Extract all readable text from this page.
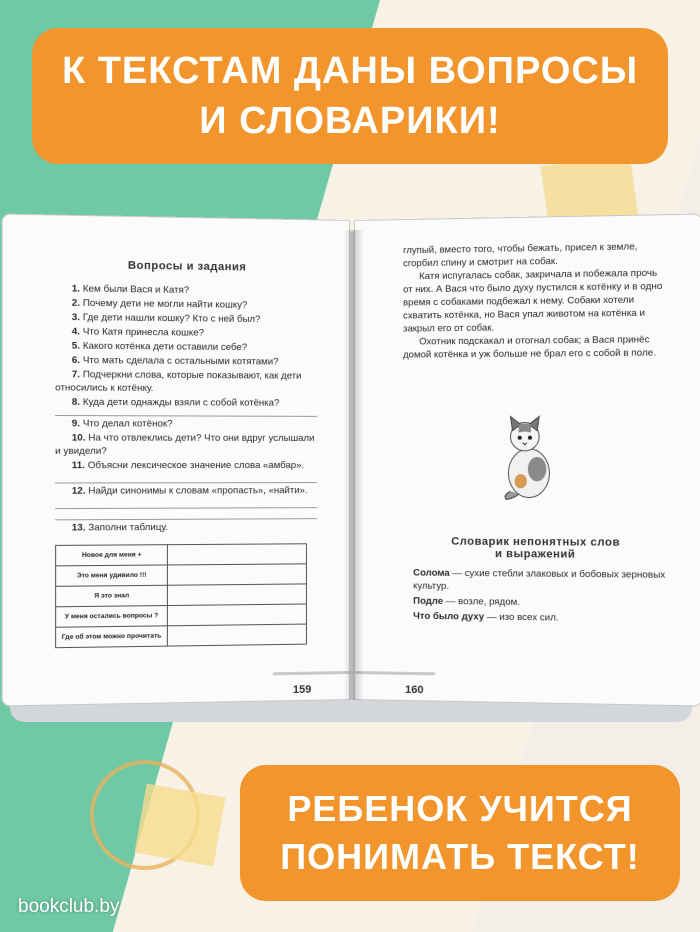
К ТЕКСТАМ ДАНЫ ВОПРОСЫ
И СЛОВАРИКИ!
Вопросы и задания
1. Кем были Вася и Катя?
2. Почему дети не могли найти кошку?
3. Где дети нашли кошку? Кто с ней был?
4. Что Катя принесла кошке?
5. Какого котёнка дети оставили себе?
6. Что мать сделала с остальными котятами?
7. Подчеркни слова, которые показывают, как дети относились к котёнку.
8. Куда дети однажды взяли с собой котёнка?
9. Что делал котёнок?
10. На что отвлеклись дети? Что они вдруг услышали и увидели?
11. Объясни лексическое значение слова «амбар».
12. Найди синонимы к словам «пропасть», «найти».
13. Заполни таблицу.
Новое для меня +	
Это меня удивило !!!	
Я это знал	
У меня остались вопросы ?	
Где об этом можно прочитать	
159

глупый, вместо того, чтобы бежать, присел к земле, сгорбил спину и смотрит на собак.

Катя испугалась собак, закричала и побежала прочь от них. А Вася что было духу пустился к котёнку и в одно время с собаками подбежал к нему. Собаки хотели схватить котёнка, но Вася упал животом на котёнка и закрыл его от собак.

Охотник подскакал и отогнал собак; а Вася принёс домой котёнка и уж больше не брал его с собой в поле.

Словарик непонятных слов
и выражений

Солома — сухие стебли злаковых и бобовых зерновых культур.

Подле — возле, рядом.

Что было духу — изо всех сил.

160
РЕБЕНОК УЧИТСЯ
ПОНИМАТЬ ТЕКСТ!
bookclub.by
